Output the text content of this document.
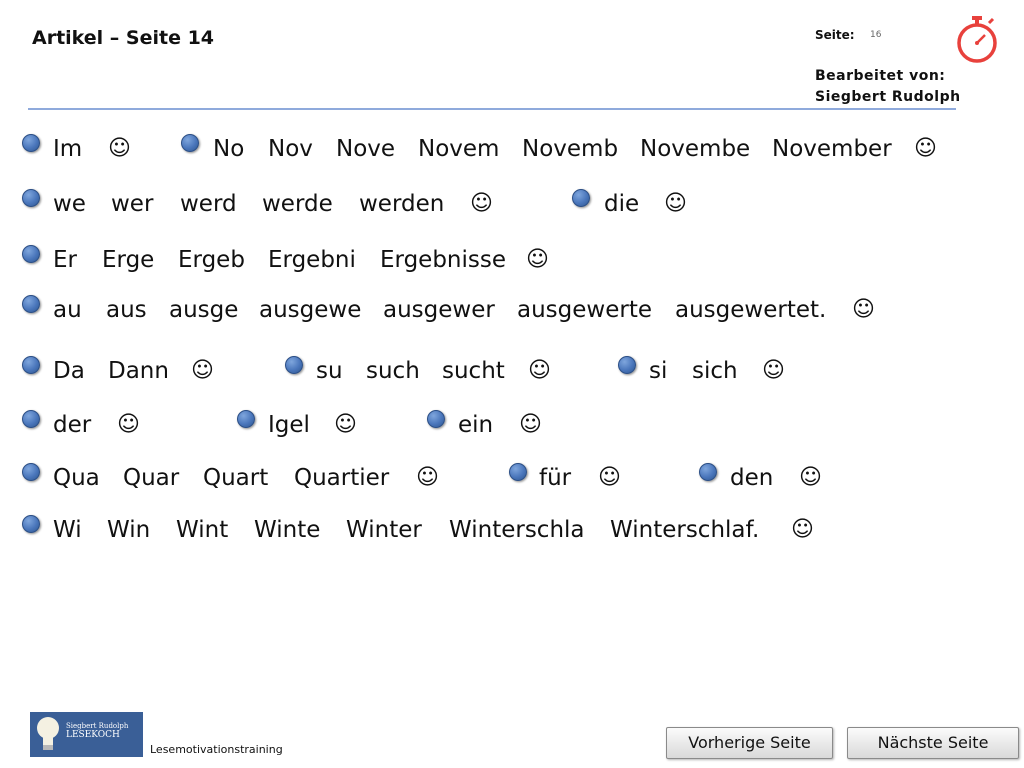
Artikel – Seite 14	Seite: 16
Bearbeitet von:
Siegbert Rudolph
Im ☺	No Nov Nove Novem Novemb Novembe November ☺
we wer werd werde werden ☺	die ☺
Er Erge Ergeb Ergebni Ergebnisse ☺
au aus ausge ausgewe ausgewer ausgewerte ausgewertet. ☺
Da Dann ☺	su such sucht ☺	si sich ☺
der ☺	Igel ☺	ein ☺
Qua Quar Quart Quartier ☺	für ☺	den ☺
Wi Win Wint Winte Winter Winterschla Winterschlaf. ☺
Siegbert Rudolph
LESEKOCH
Lesemotivationstraining	Vorherige Seite	Nächste Seite
